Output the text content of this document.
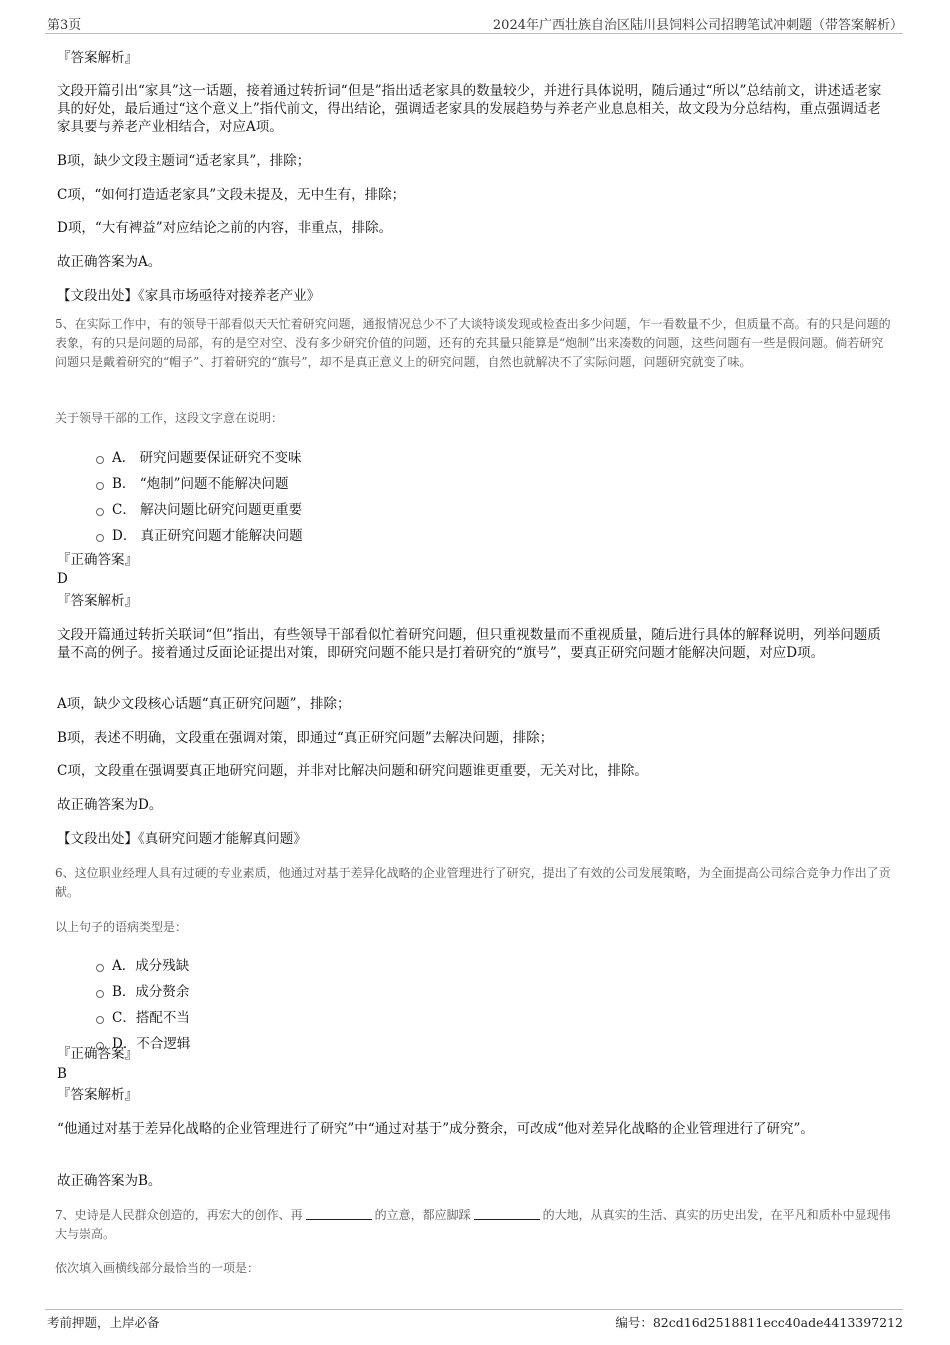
第3页	2024年广西壮族自治区陆川县饲料公司招聘笔试冲刺题（带答案解析）
『答案解析』
文段开篇引出“家具”这一话题，接着通过转折词“但是”指出适老家具的数量较少，并进行具体说明，随后通过“所以”总结前文，讲述适老家具的好处，最后通过“这个意义上”指代前文，得出结论，强调适老家具的发展趋势与养老产业息息相关，故文段为分总结构，重点强调适老家具要与养老产业相结合，对应A项。
B项，缺少文段主题词“适老家具”，排除；
C项，“如何打造适老家具”文段未提及，无中生有，排除；
D项，“大有裨益”对应结论之前的内容，非重点，排除。
故正确答案为A。
【文段出处】《家具市场亟待对接养老产业》
5、在实际工作中，有的领导干部看似天天忙着研究问题，通报情况总少不了大谈特谈发现或检查出多少问题，乍一看数量不少，但质量不高。有的只是问题的表象，有的只是问题的局部，有的是空对空、没有多少研究价值的问题，还有的充其量只能算是“炮制”出来凑数的问题，这些问题有一些是假问题。倘若研究问题只是戴着研究的“帽子”、打着研究的“旗号”，却不是真正意义上的研究问题，自然也就解决不了实际问题，问题研究就变了味。
关于领导干部的工作，这段文字意在说明：
A． 研究问题要保证研究不变味
B． “炮制”问题不能解决问题
C． 解决问题比研究问题更重要
D． 真正研究问题才能解决问题
『正确答案』
D
『答案解析』
文段开篇通过转折关联词“但”指出，有些领导干部看似忙着研究问题，但只重视数量而不重视质量，随后进行具体的解释说明，列举问题质量不高的例子。接着通过反面论证提出对策，即研究问题不能只是打着研究的“旗号”，要真正研究问题才能解决问题，对应D项。
A项，缺少文段核心话题“真正研究问题”，排除；
B项，表述不明确，文段重在强调对策，即通过“真正研究问题”去解决问题，排除；
C项，文段重在强调要真正地研究问题，并非对比解决问题和研究问题谁更重要，无关对比，排除。
故正确答案为D。
【文段出处】《真研究问题才能解真问题》
6、这位职业经理人具有过硬的专业素质，他通过对基于差异化战略的企业管理进行了研究，提出了有效的公司发展策略，为全面提高公司综合竞争力作出了贡献。
以上句子的语病类型是：
A．成分残缺
B．成分赘余
C．搭配不当
D．不合逻辑
『正确答案』
B
『答案解析』
“他通过对基于差异化战略的企业管理进行了研究”中“通过对基于”成分赘余，可改成“他对差异化战略的企业管理进行了研究”。
故正确答案为B。
7、史诗是人民群众创造的，再宏大的创作、再	的立意，都应脚踩	的大地，从真实的生活、真实的历史出发，在平凡和质朴中显现伟大与崇高。
依次填入画横线部分最恰当的一项是：
考前押题，上岸必备	编号：82cd16d2518811ecc40ade4413397212
